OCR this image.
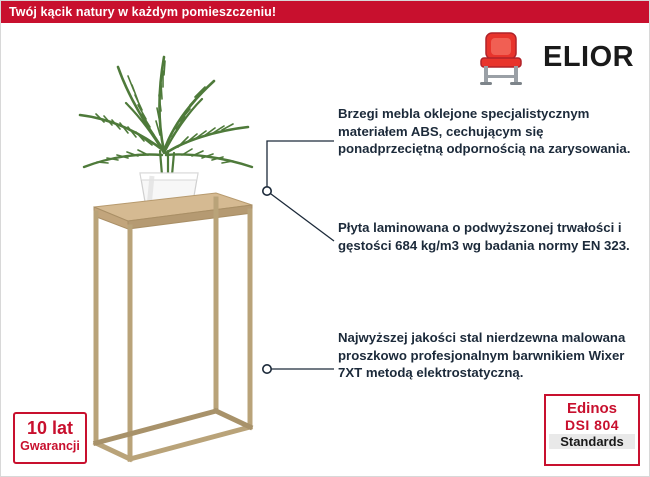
Twój kącik natury w każdym pomieszczeniu!
ELIOR
Brzegi mebla oklejone specjalistycznym materiałem ABS, cechującym się ponadprzeciętną odpornością na zarysowania.
Płyta laminowana o podwyższonej trwałości i gęstości 684 kg/m3 wg badania normy EN 323.
Najwyższej jakości stal nierdzewna malowana proszkowo profesjonalnym barwnikiem Wixer 7XT metodą elektrostatyczną.
10 lat
Gwarancji
Edinos
DSI 804
Standards
